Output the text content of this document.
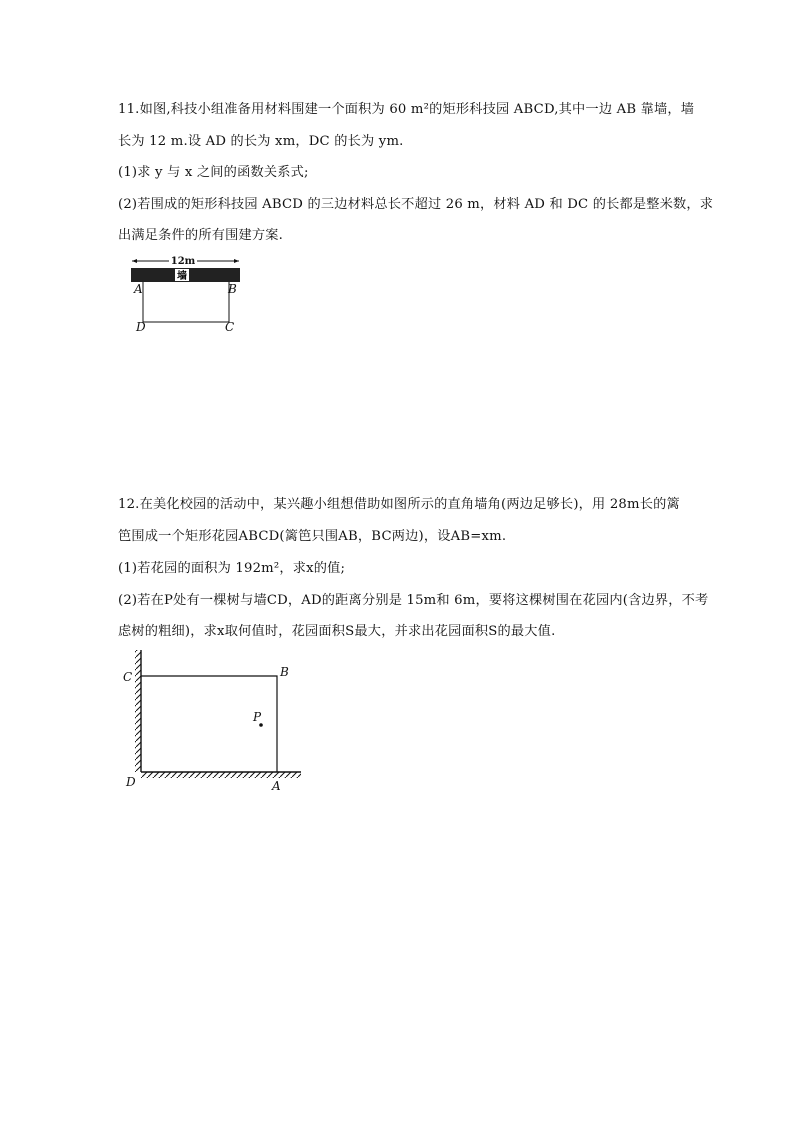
11.如图,科技小组准备用材料围建一个面积为 60 m²的矩形科技园 ABCD,其中一边 AB 靠墙，墙
长为 12 m.设 AD 的长为 xm，DC 的长为 ym.
(1)求 y 与 x 之间的函数关系式;
(2)若围成的矩形科技园 ABCD 的三边材料总长不超过 26 m，材料 AD 和 DC 的长都是整米数，求
出满足条件的所有围建方案.
12m
墙
A	B
D	C
12.在美化校园的活动中，某兴趣小组想借助如图所示的直角墙角(两边足够长)，用 28m长的篱
笆围成一个矩形花园ABCD(篱笆只围AB，BC两边)，设AB=xm.
(1)若花园的面积为 192m²，求x的值;
(2)若在P处有一棵树与墙CD，AD的距离分别是 15m和 6m，要将这棵树围在花园内(含边界，不考
虑树的粗细)，求x取何值时，花园面积S最大，并求出花园面积S的最大值.
P
C	B
D	A
